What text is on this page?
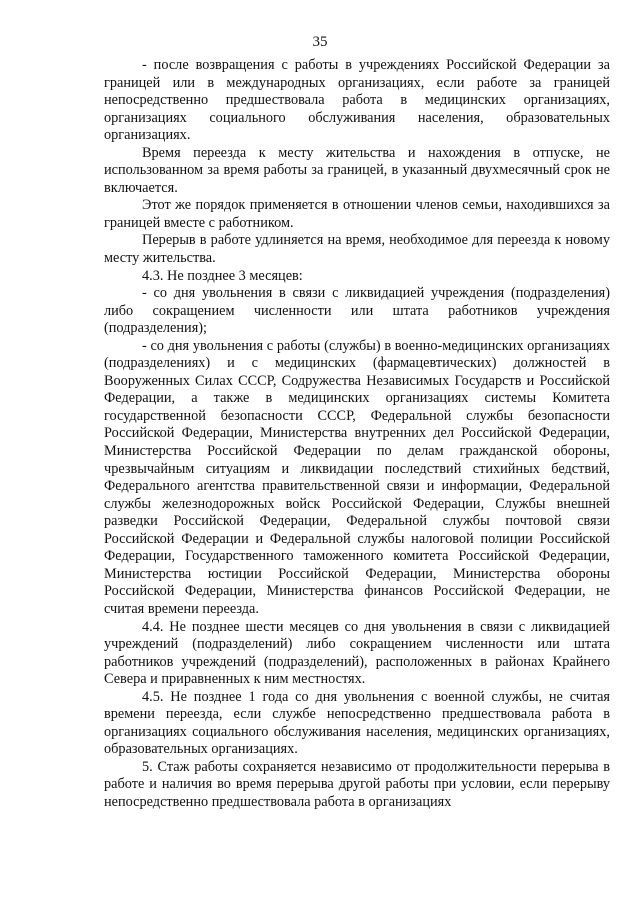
35

- после возвращения с работы в учреждениях Российской Федерации за границей или в международных организациях, если работе за границей непосредственно предшествовала работа в медицинских организациях, организациях социального обслуживания населения, образовательных организациях.

Время переезда к месту жительства и нахождения в отпуске, не использованном за время работы за границей, в указанный двухмесячный срок не включается.

Этот же порядок применяется в отношении членов семьи, находившихся за границей вместе с работником.

Перерыв в работе удлиняется на время, необходимое для переезда к новому месту жительства.

4.3. Не позднее 3 месяцев:

- со дня увольнения в связи с ликвидацией учреждения (подразделения) либо сокращением численности или штата работников учреждения (подразделения);

- со дня увольнения с работы (службы) в военно-медицинских организациях (подразделениях) и с медицинских (фармацевтических) должностей в Вооруженных Силах СССР, Содружества Независимых Государств и Российской Федерации, а также в медицинских организациях системы Комитета государственной безопасности СССР, Федеральной службы безопасности Российской Федерации, Министерства внутренних дел Российской Федерации, Министерства Российской Федерации по делам гражданской обороны, чрезвычайным ситуациям и ликвидации последствий стихийных бедствий, Федерального агентства правительственной связи и информации, Федеральной службы железнодорожных войск Российской Федерации, Службы внешней разведки Российской Федерации, Федеральной службы почтовой связи Российской Федерации и Федеральной службы налоговой полиции Российской Федерации, Государственного таможенного комитета Российской Федерации, Министерства юстиции Российской Федерации, Министерства обороны Российской Федерации, Министерства финансов Российской Федерации, не считая времени переезда.

4.4. Не позднее шести месяцев со дня увольнения в связи с ликвидацией учреждений (подразделений) либо сокращением численности или штата работников учреждений (подразделений), расположенных в районах Крайнего Севера и приравненных к ним местностях.

4.5. Не позднее 1 года со дня увольнения с военной службы, не считая времени переезда, если службе непосредственно предшествовала работа в организациях социального обслуживания населения, медицинских организациях, образовательных организациях.

5. Стаж работы сохраняется независимо от продолжительности перерыва в работе и наличия во время перерыва другой работы при условии, если перерыву непосредственно предшествовала работа в организациях
